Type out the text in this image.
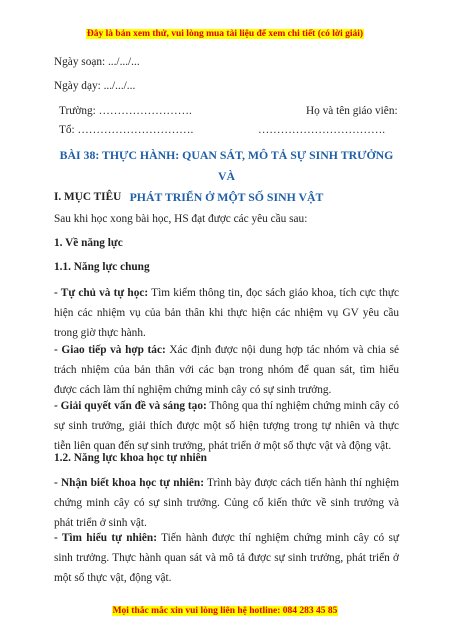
Đây là bản xem thử, vui lòng mua tài liệu để xem chi tiết (có lời giải)
Ngày soạn: .../.../...
Ngày dạy: .../.../...
Trường: …………………….	Họ và tên giáo viên:
Tổ: ………………………….	…………………………….
BÀI 38: THỰC HÀNH: QUAN SÁT, MÔ TẢ SỰ SINH TRƯỞNG VÀ
PHÁT TRIỂN Ở MỘT SỐ SINH VẬT
I. MỤC TIÊU
Sau khi học xong bài học, HS đạt được các yêu cầu sau:
1. Về năng lực
1.1. Năng lực chung
- Tự chủ và tự học: Tìm kiếm thông tin, đọc sách giáo khoa, tích cực thực hiện các nhiệm vụ của bản thân khi thực hiện các nhiệm vụ GV yêu cầu trong giờ thực hành.
- Giao tiếp và hợp tác: Xác định được nội dung hợp tác nhóm và chia sẻ trách nhiệm của bản thân với các bạn trong nhóm để quan sát, tìm hiểu được cách làm thí nghiệm chứng minh cây có sự sinh trưởng.
- Giải quyết vấn đề và sáng tạo: Thông qua thí nghiệm chứng minh cây có sự sinh trưởng, giải thích được một số hiện tượng trong tự nhiên và thực tiễn liên quan đến sự sinh trưởng, phát triển ở một số thực vật và động vật.
1.2. Năng lực khoa học tự nhiên
- Nhận biết khoa học tự nhiên: Trình bày được cách tiến hành thí nghiệm chứng minh cây có sự sinh trưởng. Củng cố kiến thức về sinh trưởng và phát triển ở sinh vật.
- Tìm hiểu tự nhiên: Tiến hành được thí nghiệm chứng minh cây có sự sinh trưởng. Thực hành quan sát và mô tả được sự sinh trưởng, phát triển ở một số thực vật, động vật.
Mọi thắc mắc xin vui lòng liên hệ hotline: 084 283 45 85
